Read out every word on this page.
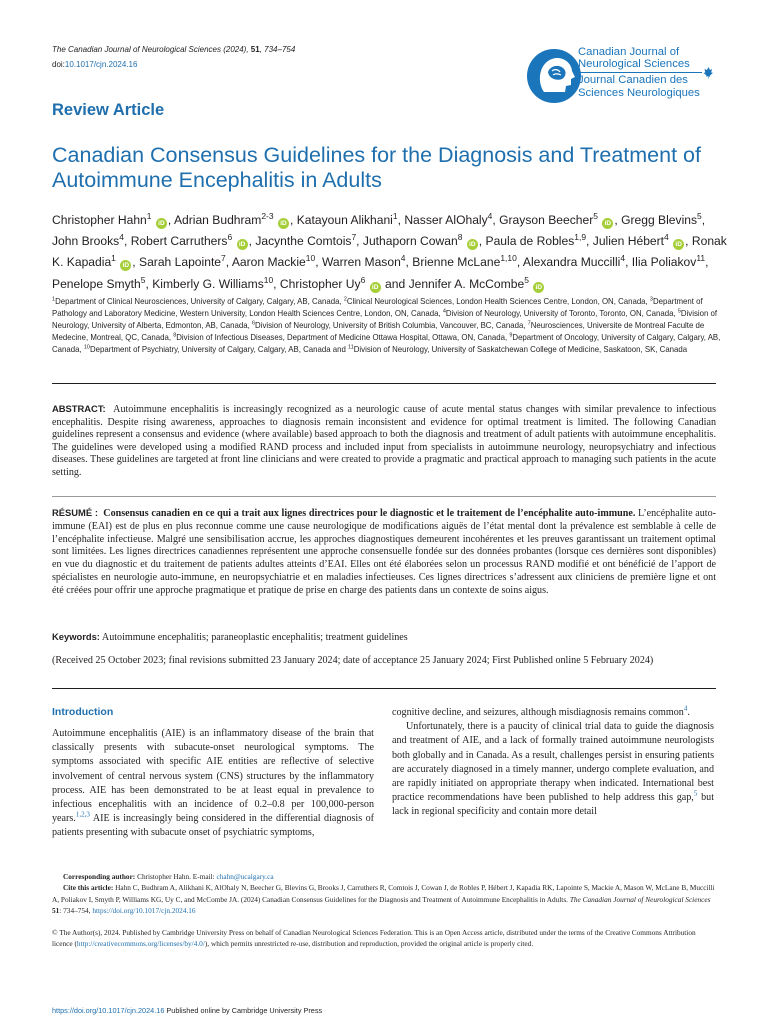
The Canadian Journal of Neurological Sciences (2024), 51, 734–754
doi:10.1017/cjn.2024.16
Canadian Journal of
Neurological Sciences
Journal Canadien des
Sciences Neurologiques
Review Article
Canadian Consensus Guidelines for the Diagnosis and Treatment of Autoimmune Encephalitis in Adults
Christopher Hahn$^1$ iD , Adrian Budhram$^{2-3}$ iD , Katayoun Alikhani$^1$, Nasser AlOhaly$^4$, Grayson Beecher$^5$ iD , Gregg Blevins$^5$, John Brooks$^4$, Robert Carruthers$^6$ iD , Jacynthe Comtois$^7$, Juthaporn Cowan$^8$ iD , Paula de Robles$^{1,9}$, Julien Hébert$^4$ iD , Ronak K. Kapadia$^1$ iD , Sarah Lapointe$^7$, Aaron Mackie$^{10}$, Warren Mason$^4$, Brienne McLane$^{1,10}$, Alexandra Muccilli$^4$, Ilia Poliakov$^{11}$, Penelope Smyth$^5$, Kimberly G. Williams$^{10}$, Christopher Uy$^6$ iD and Jennifer A. McCombe$^5$ iD
$^1$Department of Clinical Neurosciences, University of Calgary, Calgary, AB, Canada, $^2$Clinical Neurological Sciences, London Health Sciences Centre, London, ON, Canada, $^3$Department of Pathology and Laboratory Medicine, Western University, London Health Sciences Centre, London, ON, Canada, $^4$Division of Neurology, University of Toronto, Toronto, ON, Canada, $^5$Division of Neurology, University of Alberta, Edmonton, AB, Canada, $^6$Division of Neurology, University of British Columbia, Vancouver, BC, Canada, $^7$Neurosciences, Universite de Montreal Faculte de Medecine, Montreal, QC, Canada, $^8$Division of Infectious Diseases, Department of Medicine Ottawa Hospital, Ottawa, ON, Canada, $^9$Department of Oncology, University of Calgary, Calgary, AB, Canada, $^{10}$Department of Psychiatry, University of Calgary, Calgary, AB, Canada and $^{11}$Division of Neurology, University of Saskatchewan College of Medicine, Saskatoon, SK, Canada

ABSTRACT: Autoimmune encephalitis is increasingly recognized as a neurologic cause of acute mental status changes with similar prevalence to infectious encephalitis. Despite rising awareness, approaches to diagnosis remain inconsistent and evidence for optimal treatment is limited. The following Canadian guidelines represent a consensus and evidence (where available) based approach to both the diagnosis and treatment of adult patients with autoimmune encephalitis. The guidelines were developed using a modified RAND process and included input from specialists in autoimmune neurology, neuropsychiatry and infectious diseases. These guidelines are targeted at front line clinicians and were created to provide a pragmatic and practical approach to managing such patients in the acute setting.

RÉSUMÉ : Consensus canadien en ce qui a trait aux lignes directrices pour le diagnostic et le traitement de l’encéphalite auto-immune. L’encéphalite auto-immune (EAI) est de plus en plus reconnue comme une cause neurologique de modifications aiguës de l’état mental dont la prévalence est semblable à celle de l’encéphalite infectieuse. Malgré une sensibilisation accrue, les approches diagnostiques demeurent incohérentes et les preuves garantissant un traitement optimal sont limitées. Les lignes directrices canadiennes représentent une approche consensuelle fondée sur des données probantes (lorsque ces dernières sont disponibles) en vue du diagnostic et du traitement de patients adultes atteints d’EAI. Elles ont été élaborées selon un processus RAND modifié et ont bénéficié de l’apport de spécialistes en neurologie auto-immune, en neuropsychiatrie et en maladies infectieuses. Ces lignes directrices s’adressent aux cliniciens de première ligne et ont été créées pour offrir une approche pragmatique et pratique de prise en charge des patients dans un contexte de soins aigus.

Keywords: Autoimmune encephalitis; paraneoplastic encephalitis; treatment guidelines

(Received 25 October 2023; final revisions submitted 23 January 2024; date of acceptance 25 January 2024; First Published online 5 February 2024)

Introduction

Autoimmune encephalitis (AIE) is an inflammatory disease of the brain that classically presents with subacute-onset neurological symptoms. The symptoms associated with specific AIE entities are reflective of selective involvement of central nervous system (CNS) structures by the inflammatory process. AIE has been demonstrated to be at least equal in prevalence to infectious encephalitis with an incidence of 0.2–0.8 per 100,000-person years.$^{1,2,3}$ AIE is increasingly being considered in the differential diagnosis of patients presenting with subacute onset of psychiatric symptoms,

cognitive decline, and seizures, although misdiagnosis remains common$^4$.

Unfortunately, there is a paucity of clinical trial data to guide the diagnosis and treatment of AIE, and a lack of formally trained autoimmune neurologists both globally and in Canada. As a result, challenges persist in ensuring patients are accurately diagnosed in a timely manner, undergo complete evaluation, and are rapidly initiated on appropriate therapy when indicated. International best practice recommendations have been published to help address this gap,$^5$ but lack in regional specificity and contain more detail

Corresponding author: Christopher Hahn. E-mail: chahn@ucalgary.ca

Cite this article: Hahn C, Budhram A, Alikhani K, AlOhaly N, Beecher G, Blevins G, Brooks J, Carruthers R, Comtois J, Cowan J, de Robles P, Hébert J, Kapadia RK, Lapointe S, Mackie A, Mason W, McLane B, Muccilli A, Poliakov I, Smyth P, Williams KG, Uy C, and McCombe JA. (2024) Canadian Consensus Guidelines for the Diagnosis and Treatment of Autoimmune Encephalitis in Adults. The Canadian Journal of Neurological Sciences 51: 734–754, https://doi.org/10.1017/cjn.2024.16

© The Author(s), 2024. Published by Cambridge University Press on behalf of Canadian Neurological Sciences Federation. This is an Open Access article, distributed under the terms of the Creative Commons Attribution licence (http://creativecommons.org/licenses/by/4.0/), which permits unrestricted re-use, distribution and reproduction, provided the original article is properly cited.

https://doi.org/10.1017/cjn.2024.16 Published online by Cambridge University Press
